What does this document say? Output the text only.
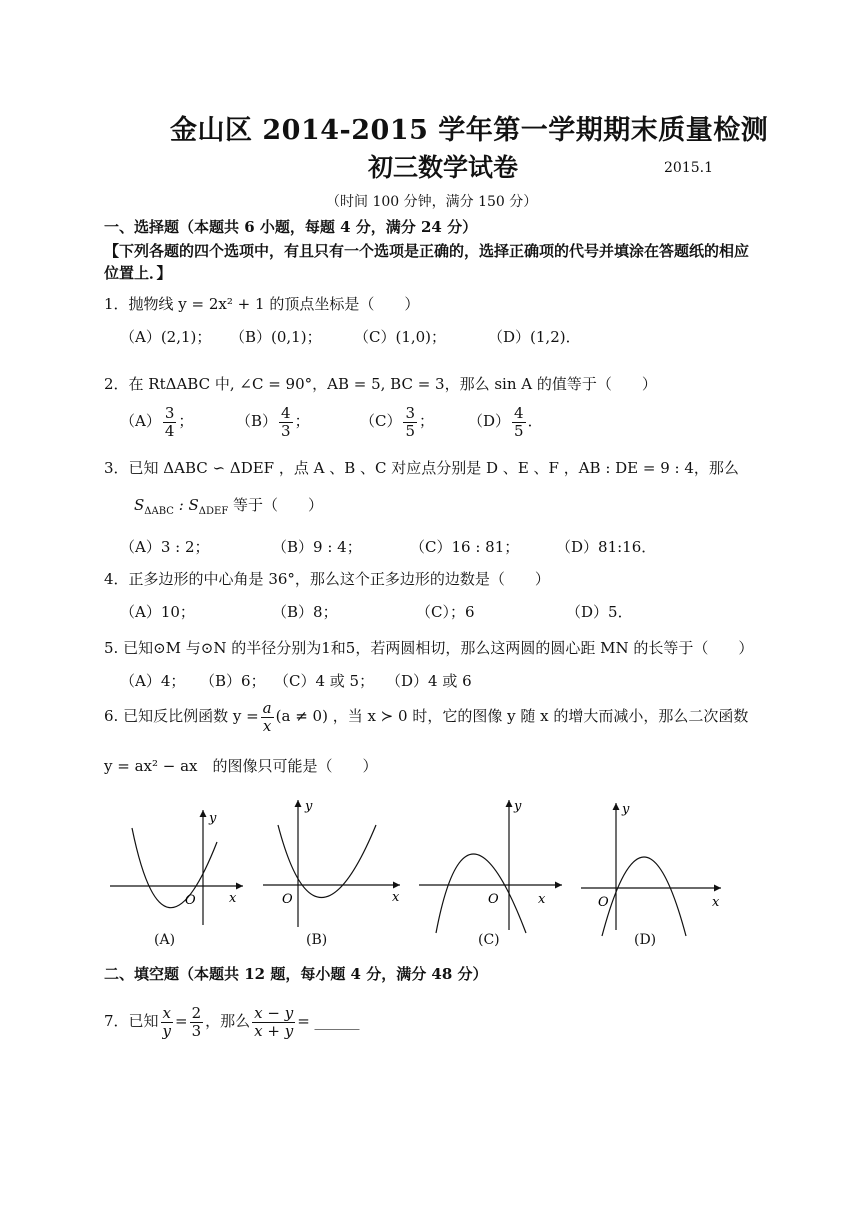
金山区 2014-2015 学年第一学期期末质量检测
初三数学试卷	2015.1
（时间 100 分钟，满分 150 分）
一、选择题（本题共 6 小题，每题 4 分，满分 24 分）
【下列各题的四个选项中，有且只有一个选项是正确的，选择正确项的代号并填涂在答题纸的相应
位置上．】
1．抛物线 y = 2x² + 1 的顶点坐标是（　　）
（A）(2,1)； （B）(0,1)； （C）(1,0)；	（D）(1,2)．
2．在 RtΔABC 中, ∠C = 90°，AB = 5, BC = 3，那么 sin A 的值等于（　　）
$(A) \frac{3}{4}$ ；	$(B) \frac{4}{3}$ ；	$(C) \frac{3}{5}$ ； $(D) \frac{4}{5}$ ．
3．已知 ΔABC ∽ ΔDEF ，点 A 、B 、C 对应点分别是 D 、E 、F ，AB : DE = 9 : 4，那么
$S_{\Delta ABC}$ : $S_{\Delta DEF}$ 等于（　　）
（A）3 : 2；	（B）9 : 4；	（C）16 : 81； （D）81:16．
4．正多边形的中心角是 36°，那么这个正多边形的边数是（　　）
（A）10；	（B）8；	（C）；6	（D）5．
5. 已知⊙M 与⊙N 的半径分别为1和5，若两圆相切，那么这两圆的圆心距 MN 的长等于（　　）
（A）4； （B）6； （C）4 或 5； （D）4 或 6
6. 已知反比例函数 $y = \frac{a}{x} (a \ne 0)$ ，当 x ≻ 0 时，它的图像 y 随 x 的增大而减小，那么二次函数
y = ax² − ax　的图像只可能是（　　）
y
x
O
(A)
y
x
O
(B)
y
x
O
(C)
y
x
O
(D)
二、填空题（本题共 12 题，每小题 4 分，满分 48 分）
7．已知 $\frac{x}{y} = \frac{2}{3}$ ，那么 $\frac{x - y}{x + y}$ = ______
